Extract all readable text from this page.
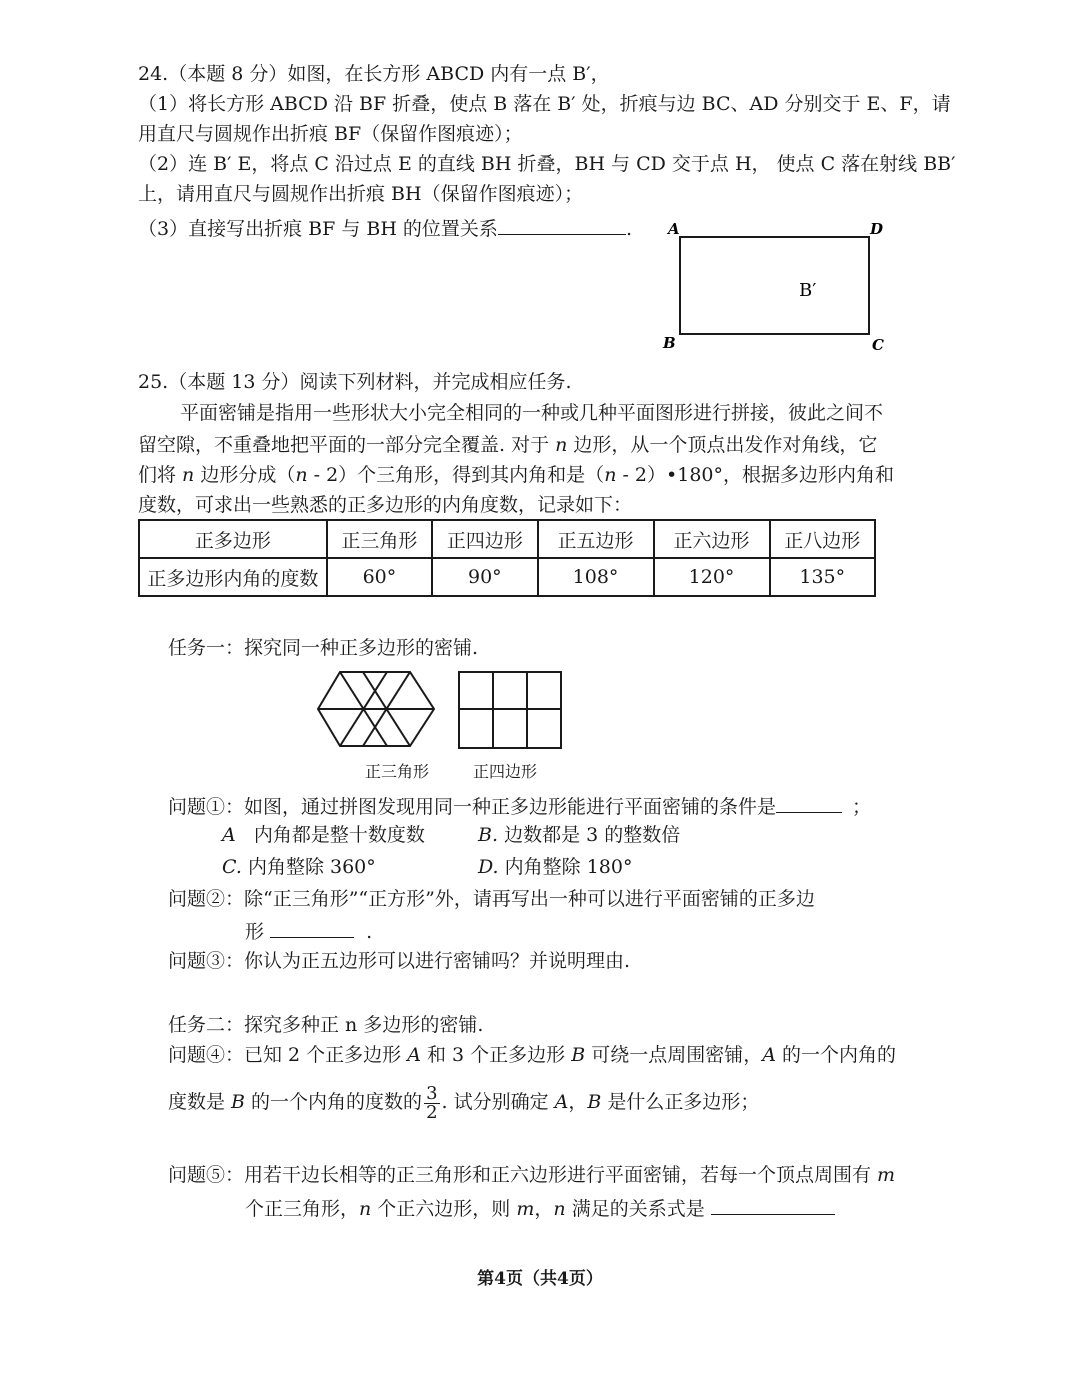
24.（本题 8 分）如图，在长方形 ABCD 内有一点 B′，
（1）将长方形 ABCD 沿 BF 折叠，使点 B 落在 B′ 处，折痕与边 BC、AD 分别交于 E、F，请
用直尺与圆规作出折痕 BF（保留作图痕迹）；
（2）连 B′ E，将点 C 沿过点 E 的直线 BH 折叠，BH 与 CD 交于点 H， 使点 C 落在射线 BB′
上，请用直尺与圆规作出折痕 BH（保留作图痕迹）；
（3）直接写出折痕 BF 与 BH 的位置关系	. A	D
B	C
B′
25.（本题 13 分）阅读下列材料，并完成相应任务.
平面密铺是指用一些形状大小完全相同的一种或几种平面图形进行拼接，彼此之间不
留空隙，不重叠地把平面的一部分完全覆盖. 对于 n 边形，从一个顶点出发作对角线，它
们将 n 边形分成（n - 2）个三角形，得到其内角和是（n - 2）•180°，根据多边形内角和
度数，可求出一些熟悉的正多边形的内角度数，记录如下：
正多边形	正三角形	正四边形	正五边形	正六边形	正八边形
正多边形内角的度数	60°	90°	108°	120°	135°
任务一：探究同一种正多边形的密铺.
正三角形	正四边形
问题①：如图，通过拼图发现用同一种正多边形能进行平面密铺的条件是	；
A 内角都是整十数度数	B. 边数都是 3 的整数倍
C. 内角整除 360°	D. 内角整除 180°
问题②：除“正三角形”“正方形”外，请再写出一种可以进行平面密铺的正多边
形	.
问题③：你认为正五边形可以进行密铺吗？并说明理由.
任务二：探究多种正 n 多边形的密铺.
问题④：已知 2 个正多边形 A 和 3 个正多边形 B 可绕一点周围密铺，A 的一个内角的
度数是 B 的一个内角的度数的 $\frac{3}{2}$ . 试分别确定 A，B 是什么正多边形；
问题⑤：用若干边长相等的正三角形和正六边形进行平面密铺，若每一个顶点周围有 m
个正三角形，n 个正六边形，则 m，n 满足的关系式是
第4页（共4页）
